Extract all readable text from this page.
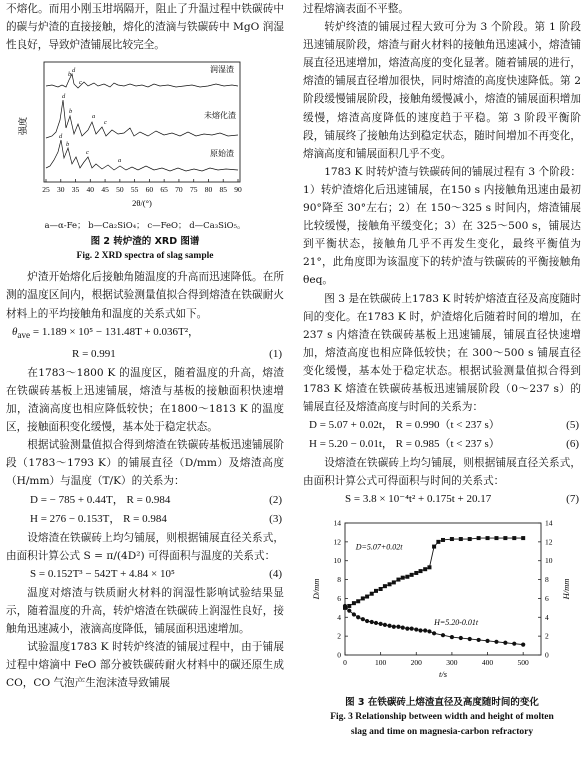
不熔化。而用小刚玉坩埚隔开，阻止了升温过程中铁碳砖中的碳与炉渣的直接接触，熔化的渣滴与铁碳砖中 MgO 润湿性良好，导致炉渣铺展比较完全。

强度
b
d
c
d
b
a
c
d
b
c
a
润湿渣
未熔化渣
原始渣
25 30 35 40 45 50 55 60 65 70 75 80 85 90
2θ/(°)
a—α-Fe； b—Ca₂SiO₄； c—FeO； d—Ca₃SiO₅。
图 2 转炉渣的 XRD 图谱
Fig. 2 XRD spectra of slag sample

炉渣开始熔化后接触角随温度的升高而迅速降低。在所测的温度区间内，根据试验测量值拟合得到熔渣在铁碳耐火材料上的平均接触角和温度的关系式如下。

$\theta_{ave} = 1.189 \times 10^5 - 131.48T + 0.036T^2$，
R = 0.991	(1)

在1783～1800 K 的温度区，随着温度的升高，熔渣在铁碳砖基板上迅速铺展，熔渣与基板的接触面积快速增加，渣滴高度也相应降低较快；在1800～1813 K 的温度区，接触面积变化缓慢，基本处于稳定状态。

根据试验测量值拟合得到熔渣在铁碳砖基板迅速铺展阶段（1783～1793 K）的铺展直径（D/mm）及熔渣高度（H/mm）与温度（T/K）的关系为：

D = − 785 + 0.44T， R = 0.984	(2)
H = 276 − 0.153T， R = 0.984	(3)

设熔渣在铁碳砖上均匀铺展，则根据铺展直径关系式，由面积计算公式 S = π/(4D²) 可得面积与温度的关系式：

S = 0.152T³ − 542T + 4.84 × 10⁵	(4)

温度对熔渣与铁质耐火材料的润湿性影响试验结果显示，随着温度的升高，转炉熔渣在铁碳砖上润湿性良好，接触角迅速减小，液滴高度降低，铺展面积迅速增加。

试验温度1783 K 时转炉终渣的铺展过程中，由于铺展过程中熔滴中 FeO 部分被铁碳砖耐火材料中的碳还原生成 CO，CO 气泡产生泡沫渣导致铺展

过程熔滴表面不平整。

转炉终渣的铺展过程大致可分为 3 个阶段。第 1 阶段迅速铺展阶段，熔渣与耐火材料的接触角迅速减小，熔渣铺展直径迅速增加，熔渣高度的变化显著。随着铺展的进行，熔渣的铺展直径增加很快，同时熔渣的高度快速降低。第 2 阶段缓慢铺展阶段，接触角缓慢减小，熔渣的铺展面积增加缓慢，熔渣高度降低的速度趋于平稳。第 3 阶段平衡阶段，铺展终了接触角达到稳定状态，随时间增加不再变化，熔滴高度和铺展面积几乎不变。

1783 K 时转炉渣与铁碳砖间的铺展过程有 3 个阶段：1）转炉渣熔化后迅速铺展，在150 s 内接触角迅速由最初 90°降至 30°左右；2）在 150～325 s 时间内，熔渣铺展比较缓慢，接触角平缓变化；3）在 325～500 s，铺展达到平衡状态，接触角几乎不再发生变化，最终平衡值为 21°，此角度即为该温度下的转炉渣与铁碳砖的平衡接触角 θeq。

图 3 是在铁碳砖上1783 K 时转炉熔渣直径及高度随时间的变化。在1783 K 时，炉渣熔化后随着时间的增加，在 237 s 内熔渣在铁碳砖基板上迅速铺展，铺展直径快速增加，熔渣高度也相应降低较快；在 300～500 s 铺展直径变化缓慢，基本处于稳定状态。根据试验测量值拟合得到1783 K 熔渣在铁碳砖基板迅速铺展阶段（0～237 s）的铺展直径及熔渣高度与时间的关系为：

D = 5.07 + 0.02t， R = 0.990（t < 237 s）	(5)
H = 5.20 − 0.01t， R = 0.985（t < 237 s）	(6)

设熔渣在铁碳砖上均匀铺展，则根据铺展直径关系式，由面积计算公式可得面积与时间的关系式：

S = 3.8 × 10⁻⁴t² + 0.175t + 20.17	(7)
0	100	200	300	400	500
0
2
4
6
8
10
12
14
0
2
4
6
8
10
12
14
D=5.07+0.02t
H=5.20-0.01t
D/mm	H/mm
t/s
图 3 在铁碳砖上熔渣直径及高度随时间的变化
Fig. 3 Relationship between width and height of molten
slag and time on magnesia-carbon refractory
